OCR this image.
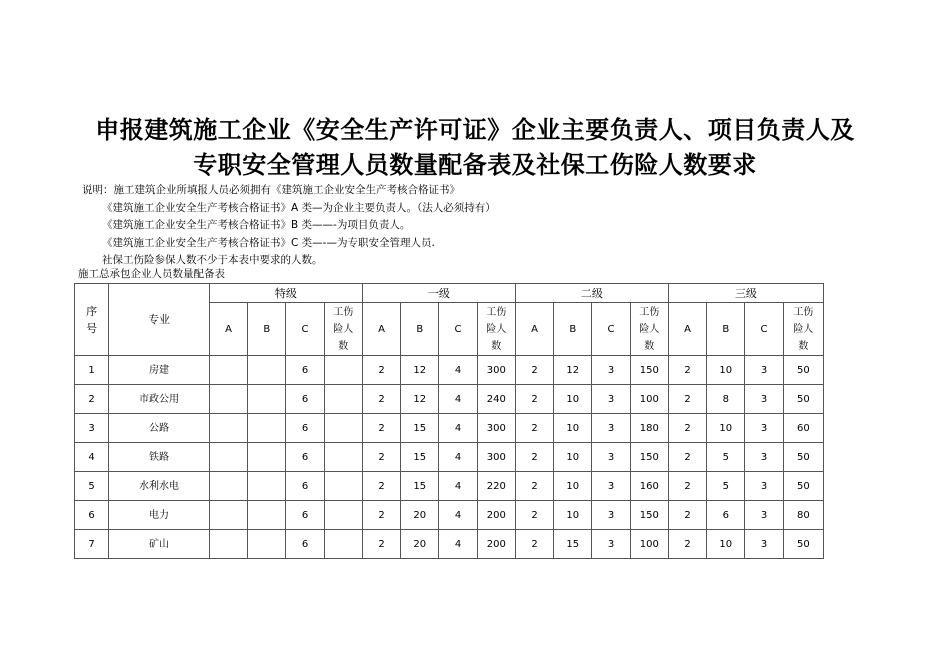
申报建筑施工企业《安全生产许可证》企业主要负责人、项目负责人及
专职安全管理人员数量配备表及社保工伤险人数要求
说明：施工建筑企业所填报人员必须拥有《建筑施工企业安全生产考核合格证书》
《建筑施工企业安全生产考核合格证书》A 类—为企业主要负责人。（法人必须持有）
《建筑施工企业安全生产考核合格证书》B 类——-为项目负责人。
《建筑施工企业安全生产考核合格证书》C 类—-—为专职安全管理人员.
社保工伤险参保人数不少于本表中要求的人数。
施工总承包企业人员数量配备表
序号	专业	特级				一级				二级				三级			
		A	B	C	工伤险人数	A	B	C	工伤险人数	A	B	C	工伤险人数	A	B	C	工伤险人数
1	房建			6		2	12	4	300	2	12	3	150	2	10	3	50
2	市政公用			6		2	12	4	240	2	10	3	100	2	8	3	50
3	公路			6		2	15	4	300	2	10	3	180	2	10	3	60
4	铁路			6		2	15	4	300	2	10	3	150	2	5	3	50
5	水利水电			6		2	15	4	220	2	10	3	160	2	5	3	50
6	电力			6		2	20	4	200	2	10	3	150	2	6	3	80
7	矿山			6		2	20	4	200	2	15	3	100	2	10	3	50
